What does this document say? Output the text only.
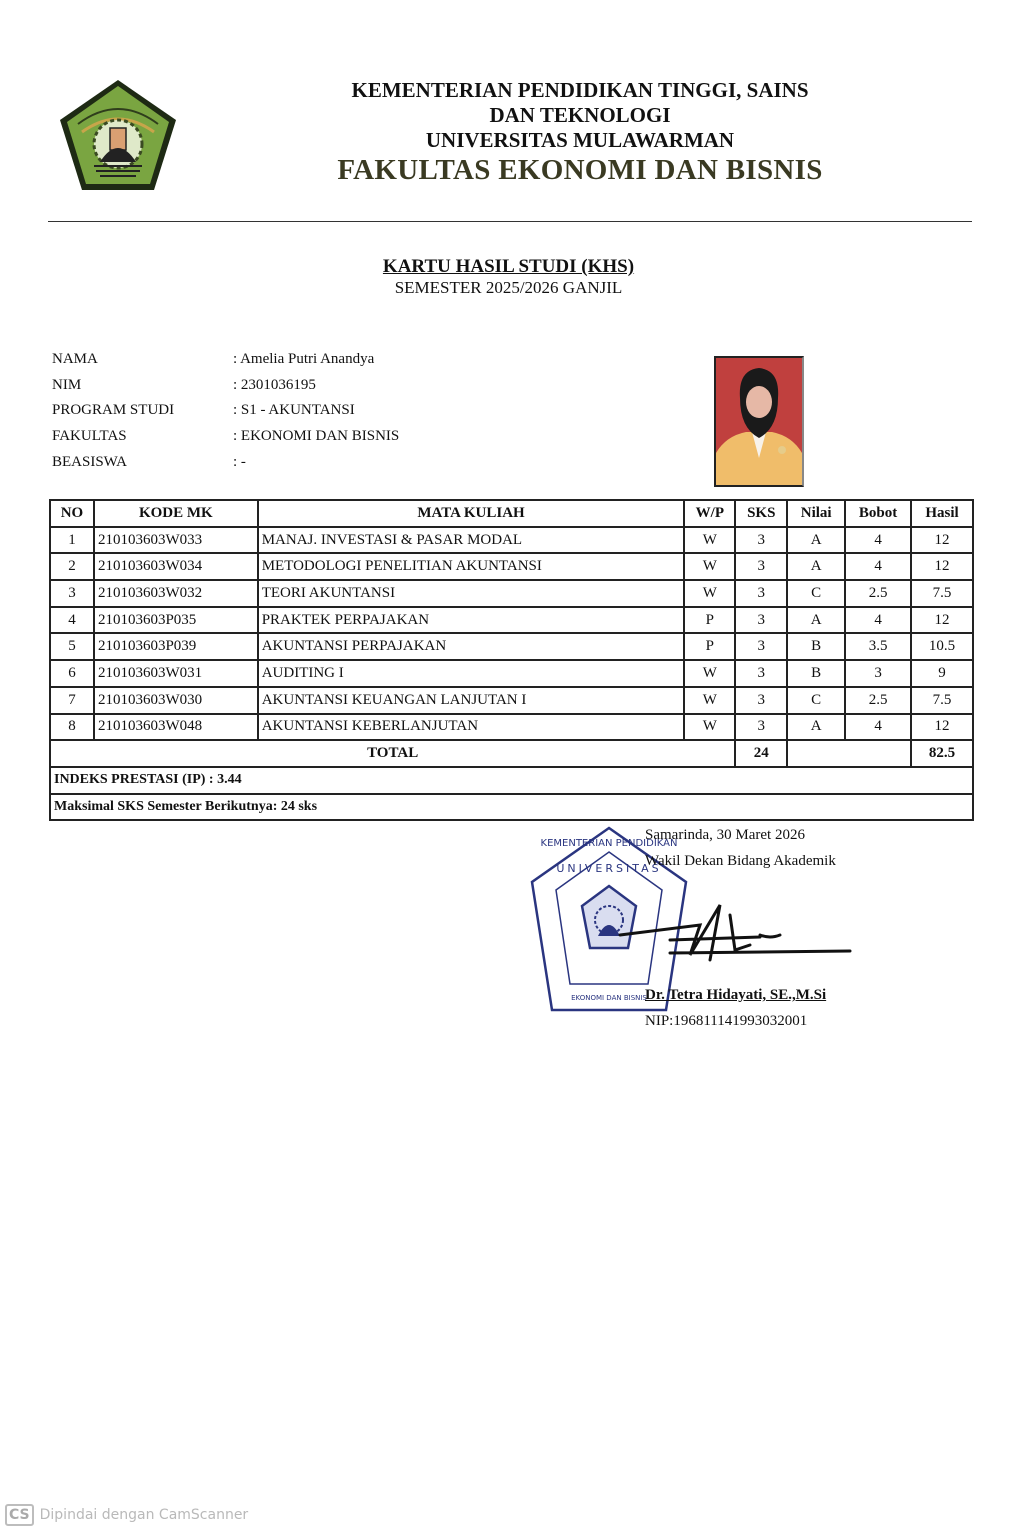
KEMENTERIAN PENDIDIKAN TINGGI, SAINS
DAN TEKNOLOGI
UNIVERSITAS MULAWARMAN
FAKULTAS EKONOMI DAN BISNIS
KARTU HASIL STUDI (KHS)
SEMESTER 2025/2026 GANJIL
NAMA	: Amelia Putri Anandya
NIM	: 2301036195
PROGRAM STUDI	: S1 - AKUNTANSI
FAKULTAS	: EKONOMI DAN BISNIS
BEASISWA	: -
NO	KODE MK	MATA KULIAH	W/P	SKS	Nilai	Bobot	Hasil
1	210103603W033	MANAJ. INVESTASI & PASAR MODAL	W	3	A	4	12
2	210103603W034	METODOLOGI PENELITIAN AKUNTANSI	W	3	A	4	12
3	210103603W032	TEORI AKUNTANSI	W	3	C	2.5	7.5
4	210103603P035	PRAKTEK PERPAJAKAN	P	3	A	4	12
5	210103603P039	AKUNTANSI PERPAJAKAN	P	3	B	3.5	10.5
6	210103603W031	AUDITING I	W	3	B	3	9
7	210103603W030	AKUNTANSI KEUANGAN LANJUTAN I	W	3	C	2.5	7.5
8	210103603W048	AKUNTANSI KEBERLANJUTAN	W	3	A	4	12
TOTAL				24			82.5
INDEKS PRESTASI (IP) : 3.44							
Maksimal SKS Semester Berikutnya: 24 sks							
KEMENTERIAN PENDIDIKAN
UNIVERSITAS
EKONOMI DAN BISNIS
Samarinda, 30 Maret 2026
Wakil Dekan Bidang Akademik
Dr. Tetra Hidayati, SE.,M.Si
NIP:196811141993032001
CS Dipindai dengan CamScanner
